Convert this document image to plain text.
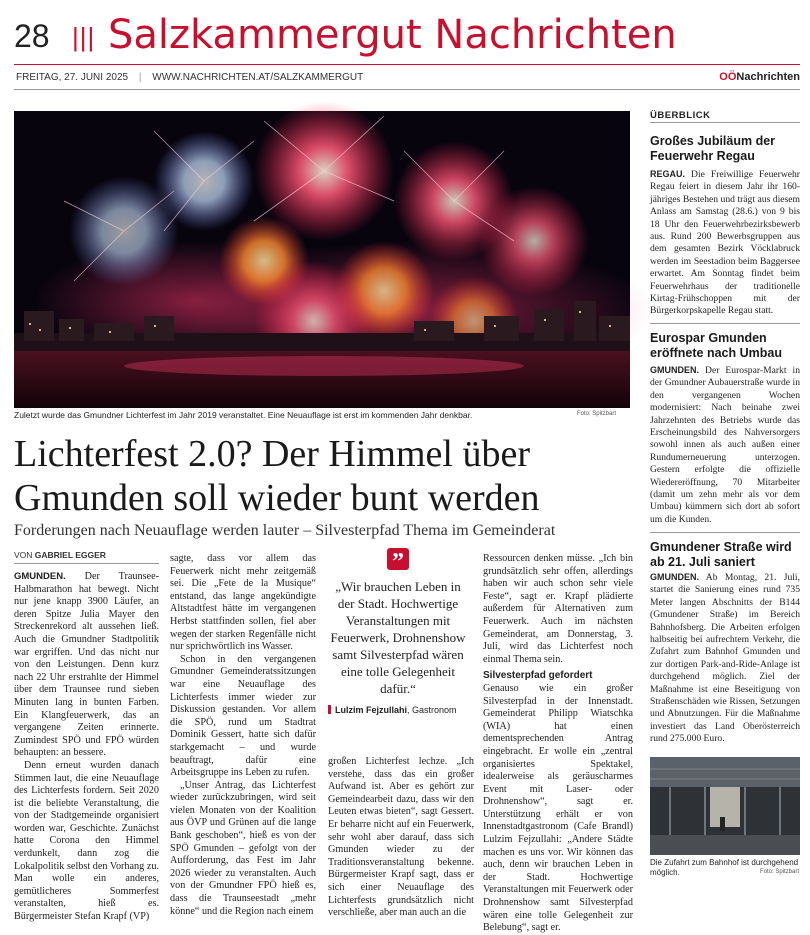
28 ||| Salzkammergut Nachrichten
FREITAG, 27. JUNI 2025 | WWW.NACHRICHTEN.AT/SALZKAMMERGUT	OÖNachrichten
Zuletzt wurde das Gmundner Lichterfest im Jahr 2019 veranstaltet. Eine Neuauflage ist erst im kommenden Jahr denkbar.	Foto: Spitzbart
Lichterfest 2.0? Der Himmel über
Gmunden soll wieder bunt werden
Forderungen nach Neuauflage werden lauter – Silvesterpfad Thema im Gemeinderat
VON GABRIEL EGGER

GMUNDEN. Der Traunsee-Halbmarathon hat bewegt. Nicht nur jene knapp 3900 Läufer, an deren Spitze Julia Mayer den Streckenrekord alt aussehen ließ. Auch die Gmundner Stadtpolitik war ergriffen. Und das nicht nur von den Leistungen. Denn kurz nach 22 Uhr erstrahlte der Himmel über dem Traunsee rund sieben Minuten lang in bunten Farben. Ein Klangfeuerwerk, das an vergangene Zeiten erinnerte. Zumindest SPÖ und FPÖ würden behaupten: an bessere.

Denn erneut wurden danach Stimmen laut, die eine Neuauflage des Lichterfests fordern. Seit 2020 ist die beliebte Veranstaltung, die von der Stadtgemeinde organisiert worden war, Geschichte. Zunächst hatte Corona den Himmel verdunkelt, dann zog die Lokalpolitik selbst den Vorhang zu. Man wolle ein anderes, gemütlicheres Sommerfest veranstalten, hieß es. Bürgermeister Stefan Krapf (VP)

sagte, dass vor allem das Feuerwerk nicht mehr zeitgemäß sei. Die „Fete de la Musique“ entstand, das lange angekündigte Altstadtfest hätte im vergangenen Herbst stattfinden sollen, fiel aber wegen der starken Regenfälle nicht nur sprichwörtlich ins Wasser.

Schon in den vergangenen Gmundner Gemeinderatssitzungen war eine Neuauflage des Lichterfests immer wieder zur Diskussion gestanden. Vor allem die SPÖ, rund um Stadtrat Dominik Gessert, hatte sich dafür starkgemacht – und wurde beauftragt, dafür eine Arbeitsgruppe ins Leben zu rufen.

„Unser Antrag, das Lichterfest wieder zurückzubringen, wird seit vielen Monaten von der Koalition aus ÖVP und Grünen auf die lange Bank geschoben“, hieß es von der SPÖ Gmunden – gefolgt von der Aufforderung, das Fest im Jahr 2026 wieder zu veranstalten. Auch von der Gmundner FPÖ hieß es, dass die Traunseestadt „mehr könne“ und die Region nach einem

”
„Wir brauchen Leben in der Stadt. Hochwertige Veranstaltungen mit Feuerwerk, Drohnenshow samt Silvesterpfad wären eine tolle Gelegenheit dafür.“
Lulzim Fejzullahi, Gastronom

großen Lichterfest lechze. „Ich verstehe, dass das ein großer Aufwand ist. Aber es gehört zur Gemeindearbeit dazu, dass wir den Leuten etwas bieten“, sagt Gessert. Er beharre nicht auf ein Feuerwerk, sehr wohl aber darauf, dass sich Gmunden wieder zu der Traditionsveranstaltung bekenne. Bürgermeister Krapf sagt, dass er sich einer Neuauflage des Lichterfests grundsätzlich nicht verschließe, aber man auch an die

Ressourcen denken müsse. „Ich bin grundsätzlich sehr offen, allerdings haben wir auch schon sehr viele Feste“, sagt er. Krapf plädierte außerdem für Alternativen zum Feuerwerk. Auch im nächsten Gemeinderat, am Donnerstag, 3. Juli, wird das Lichterfest noch einmal Thema sein.

Silvesterpfad gefordert

Genauso wie ein großer Silvesterpfad in der Innenstadt. Gemeinderat Philipp Wiatschka (WIA) hat einen dementsprechenden Antrag eingebracht. Er wolle ein „zentral organisiertes Spektakel, idealerweise als geräuscharmes Event mit Laser- oder Drohnenshow“, sagt er. Unterstützung erhält er von Innenstadtgastronom (Cafe Brandl) Lulzim Fejzullahi: „Andere Städte machen es uns vor. Wir können das auch, denn wir brauchen Leben in der Stadt. Hochwertige Veranstaltungen mit Feuerwerk oder Drohnenshow samt Silvesterpfad wären eine tolle Gelegenheit zur Belebung“, sagt er.

ÜBERBLICK
Großes Jubiläum der Feuerwehr Regau
REGAU. Die Freiwillige Feuerwehr Regau feiert in diesem Jahr ihr 160-jähriges Bestehen und trägt aus diesem Anlass am Samstag (28.6.) von 9 bis 18 Uhr den Feuerwehrbezirksbewerb aus. Rund 200 Bewerbsgruppen aus dem gesamten Bezirk Vöcklabruck werden im Seestadion beim Baggersee erwartet. Am Sonntag findet beim Feuerwehrhaus der traditionelle Kirtag-Frühschoppen mit der Bürgerkorpskapelle Regau statt.
Eurospar Gmunden eröffnete nach Umbau
GMUNDEN. Der Eurospar-Markt in der Gmundner Aubauerstraße wurde in den vergangenen Wochen modernisiert: Nach beinahe zwei Jahrzehnten des Betriebs wurde das Erscheinungsbild des Nahversorgers sowohl innen als auch außen einer Rundumerneuerung unterzogen. Gestern erfolgte die offizielle Wiedereröffnung, 70 Mitarbeiter (damit um zehn mehr als vor dem Umbau) kümmern sich dort ab sofort um die Kunden.
Gmundener Straße wird ab 21. Juli saniert
GMUNDEN. Ab Montag, 21. Juli, startet die Sanierung eines rund 735 Meter langen Abschnitts der B144 (Gmundener Straße) im Bereich Bahnhofsberg. Die Arbeiten erfolgen halbseitig bei aufrechtem Verkehr, die Zufahrt zum Bahnhof Gmunden und zur dortigen Park-and-Ride-Anlage ist durchgehend möglich. Ziel der Maßnahme ist eine Beseitigung von Straßenschäden wie Rissen, Setzungen und Abnutzungen. Für die Maßnahme investiert das Land Oberösterreich rund 275.000 Euro.
Die Zufahrt zum Bahnhof ist durchgehend möglich.	Foto: Spitzbart
